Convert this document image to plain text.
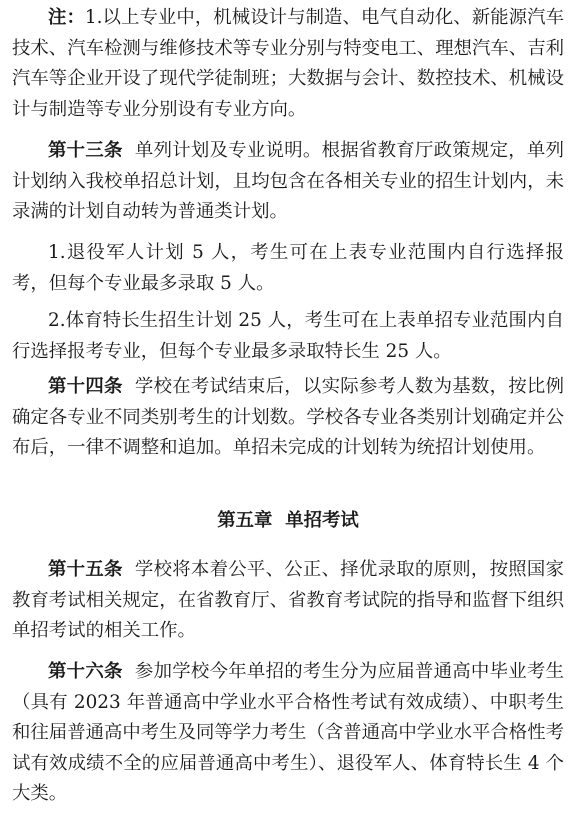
注：1.以上专业中，机械设计与制造、电气自动化、新能源汽车技术、汽车检测与维修技术等专业分别与特变电工、理想汽车、吉利汽车等企业开设了现代学徒制班；大数据与会计、数控技术、机械设计与制造等专业分别设有专业方向。

第十三条 单列计划及专业说明。根据省教育厅政策规定，单列计划纳入我校单招总计划，且均包含在各相关专业的招生计划内，未录满的计划自动转为普通类计划。

1.退役军人计划 5 人，考生可在上表专业范围内自行选择报考，但每个专业最多录取 5 人。

2.体育特长生招生计划 25 人，考生可在上表单招专业范围内自行选择报考专业，但每个专业最多录取特长生 25 人。

第十四条 学校在考试结束后，以实际参考人数为基数，按比例确定各专业不同类别考生的计划数。学校各专业各类别计划确定并公布后，一律不调整和追加。单招未完成的计划转为统招计划使用。

第五章  单招考试

第十五条 学校将本着公平、公正、择优录取的原则，按照国家教育考试相关规定，在省教育厅、省教育考试院的指导和监督下组织单招考试的相关工作。

第十六条 参加学校今年单招的考生分为应届普通高中毕业考生（具有 2023 年普通高中学业水平合格性考试有效成绩）、中职考生和往届普通高中考生及同等学力考生（含普通高中学业水平合格性考试有效成绩不全的应届普通高中考生）、退役军人、体育特长生 4 个大类。
